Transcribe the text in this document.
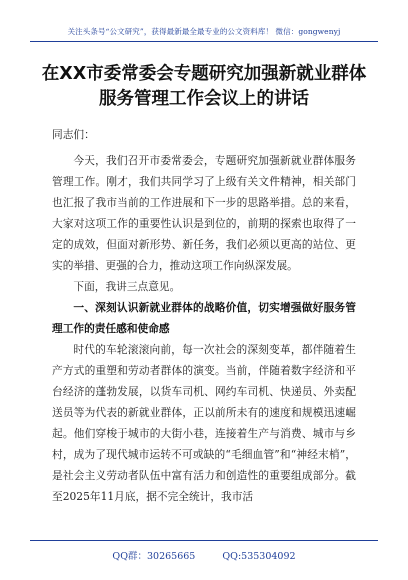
关注头条号“公文研究”，获得最新最全最专业的公文资料库！ 微信：gongwenyj
在XX市委常委会专题研究加强新就业群体服务管理工作会议上的讲话

同志们：

今天，我们召开市委常委会，专题研究加强新就业群体服务管理工作。刚才，我们共同学习了上级有关文件精神，相关部门也汇报了我市当前的工作进展和下一步的思路举措。总的来看，大家对这项工作的重要性认识是到位的，前期的探索也取得了一定的成效，但面对新形势、新任务，我们必须以更高的站位、更实的举措、更强的合力，推动这项工作向纵深发展。

下面，我讲三点意见。

一、深刻认识新就业群体的战略价值，切实增强做好服务管理工作的责任感和使命感

时代的车轮滚滚向前，每一次社会的深刻变革，都伴随着生产方式的重塑和劳动者群体的演变。当前，伴随着数字经济和平台经济的蓬勃发展，以货车司机、网约车司机、快递员、外卖配送员等为代表的新就业群体，正以前所未有的速度和规模迅速崛起。他们穿梭于城市的大街小巷，连接着生产与消费、城市与乡村，成为了现代城市运转不可或缺的“毛细血管”和“神经末梢”，是社会主义劳动者队伍中富有活力和创造性的重要组成部分。截至2025年11月底，据不完全统计，我市活

QQ群：30265665	QQ:535304092
